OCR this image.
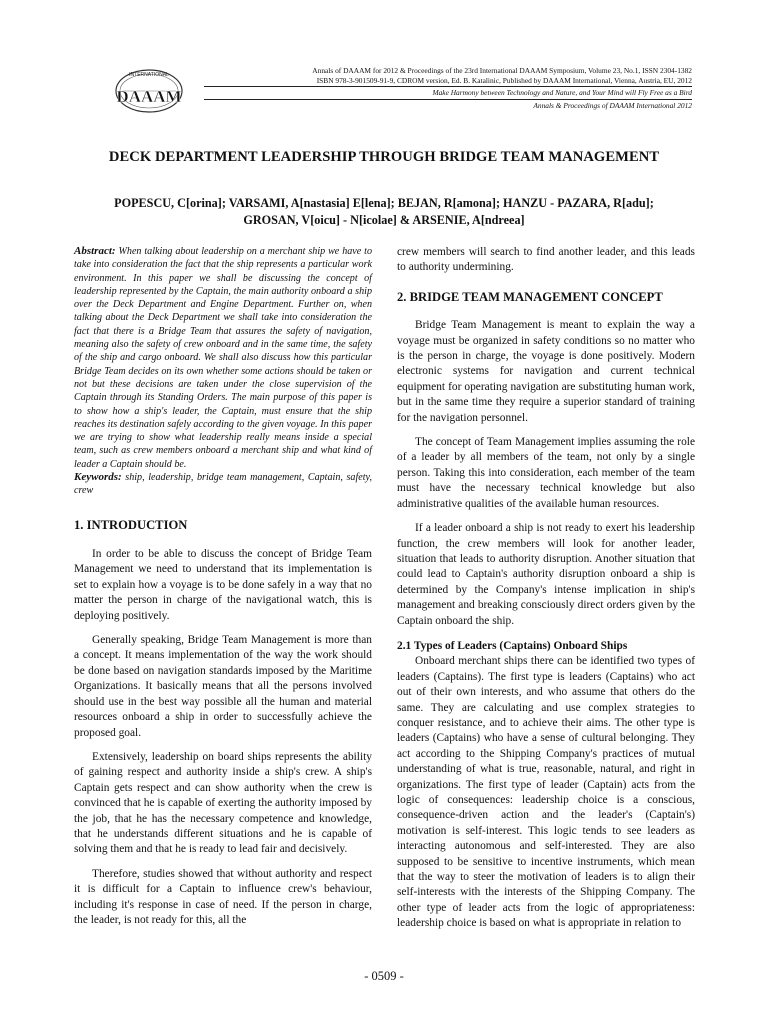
INTERNATIONAL
DAAAM
Annals of DAAAM for 2012 & Proceedings of the 23rd International DAAAM Symposium, Volume 23, No.1, ISSN 2304-1382
ISBN 978-3-901509-91-9, CDROM version, Ed. B. Katalinic, Published by DAAAM International, Vienna, Austria, EU, 2012
Make Harmony between Technology and Nature, and Your Mind will Fly Free as a Bird
Annals & Proceedings of DAAAM International 2012
DECK DEPARTMENT LEADERSHIP THROUGH BRIDGE TEAM MANAGEMENT
POPESCU, C[orina]; VARSAMI, A[nastasia] E[lena]; BEJAN, R[amona]; HANZU - PAZARA, R[adu];
GROSAN, V[oicu] - N[icolae] & ARSENIE, A[ndreea]

Abstract: When talking about leadership on a merchant ship we have to take into consideration the fact that the ship represents a particular work environment. In this paper we shall be discussing the concept of leadership represented by the Captain, the main authority onboard a ship over the Deck Department and Engine Department. Further on, when talking about the Deck Department we shall take into consideration the fact that there is a Bridge Team that assures the safety of navigation, meaning also the safety of crew onboard and in the same time, the safety of the ship and cargo onboard. We shall also discuss how this particular Bridge Team decides on its own whether some actions should be taken or not but these decisions are taken under the close supervision of the Captain through its Standing Orders. The main purpose of this paper is to show how a ship's leader, the Captain, must ensure that the ship reaches its destination safely according to the given voyage. In this paper we are trying to show what leadership really means inside a special team, such as crew members onboard a merchant ship and what kind of leader a Captain should be.

Keywords: ship, leadership, bridge team management, Captain, safety, crew

1. INTRODUCTION

In order to be able to discuss the concept of Bridge Team Management we need to understand that its implementation is set to explain how a voyage is to be done safely in a way that no matter the person in charge of the navigational watch, this is deploying positively.

Generally speaking, Bridge Team Management is more than a concept. It means implementation of the way the work should be done based on navigation standards imposed by the Maritime Organizations. It basically means that all the persons involved should use in the best way possible all the human and material resources onboard a ship in order to successfully achieve the proposed goal.

Extensively, leadership on board ships represents the ability of gaining respect and authority inside a ship's crew. A ship's Captain gets respect and can show authority when the crew is convinced that he is capable of exerting the authority imposed by the job, that he has the necessary competence and knowledge, that he understands different situations and he is capable of solving them and that he is ready to lead fair and decisively.

Therefore, studies showed that without authority and respect it is difficult for a Captain to influence crew's behaviour, including it's response in case of need. If the person in charge, the leader, is not ready for this, all the

crew members will search to find another leader, and this leads to authority undermining.

2. BRIDGE TEAM MANAGEMENT CONCEPT

Bridge Team Management is meant to explain the way a voyage must be organized in safety conditions so no matter who is the person in charge, the voyage is done positively. Modern electronic systems for navigation and current technical equipment for operating navigation are substituting human work, but in the same time they require a superior standard of training for the navigation personnel.

The concept of Team Management implies assuming the role of a leader by all members of the team, not only by a single person. Taking this into consideration, each member of the team must have the necessary technical knowledge but also administrative qualities of the available human resources.

If a leader onboard a ship is not ready to exert his leadership function, the crew members will look for another leader, situation that leads to authority disruption. Another situation that could lead to Captain's authority disruption onboard a ship is determined by the Company's intense implication in ship's management and breaking consciously direct orders given by the Captain onboard the ship.

2.1 Types of Leaders (Captains) Onboard Ships

Onboard merchant ships there can be identified two types of leaders (Captains). The first type is leaders (Captains) who act out of their own interests, and who assume that others do the same. They are calculating and use complex strategies to conquer resistance, and to achieve their aims. The other type is leaders (Captains) who have a sense of cultural belonging. They act according to the Shipping Company's practices of mutual understanding of what is true, reasonable, natural, and right in organizations. The first type of leader (Captain) acts from the logic of consequences: leadership choice is a conscious, consequence-driven action and the leader's (Captain's) motivation is self-interest. This logic tends to see leaders as interacting autonomous and self-interested. They are also supposed to be sensitive to incentive instruments, which mean that the way to steer the motivation of leaders is to align their self-interests with the interests of the Shipping Company. The other type of leader acts from the logic of appropriateness: leadership choice is based on what is appropriate in relation to

- 0509 -
